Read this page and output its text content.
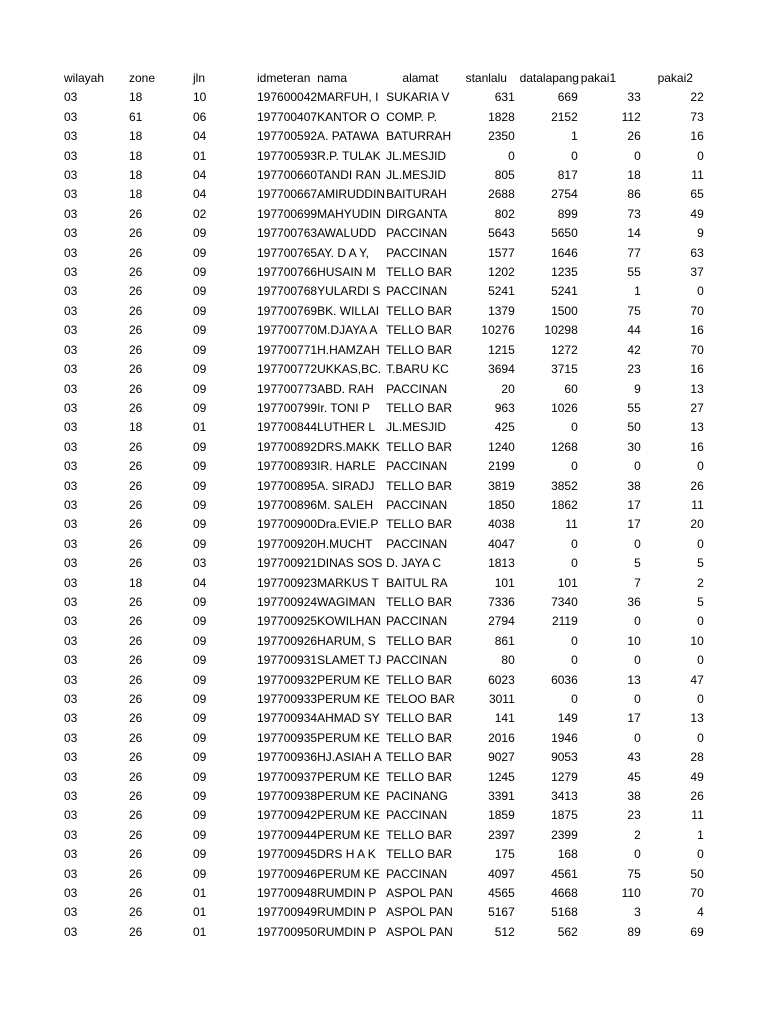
wilayah	zone	jln	idmeteran	nama	alamat	stanlalu	datalapang	pakai1	pakai2
03	18	10	197600042	MARFUH, I	SUKARIA V	631	669	33	22
03	61	06	197700407	KANTOR O	COMP. P.	1828	2152	112	73
03	18	04	197700592	A. PATAWA	BATURRAH	2350	1	26	16
03	18	01	197700593	R.P. TULAK	JL.MESJID	0	0	0	0
03	18	04	197700660	TANDI RAN	JL.MESJID	805	817	18	11
03	18	04	197700667	AMIRUDDIN	BAITURAH	2688	2754	86	65
03	26	02	197700699	MAHYUDIN	DIRGANTA	802	899	73	49
03	26	09	197700763	AWALUDD	PACCINAN	5643	5650	14	9
03	26	09	197700765	AY. D A Y,	PACCINAN	1577	1646	77	63
03	26	09	197700766	HUSAIN M	TELLO BAR	1202	1235	55	37
03	26	09	197700768	YULARDI S	PACCINAN	5241	5241	1	0
03	26	09	197700769	BK. WILLAI	TELLO BAR	1379	1500	75	70
03	26	09	197700770	M.DJAYA A	TELLO BAR	10276	10298	44	16
03	26	09	197700771	H.HAMZAH	TELLO BAR	1215	1272	42	70
03	26	09	197700772	UKKAS,BC.	T.BARU KC	3694	3715	23	16
03	26	09	197700773	ABD. RAH	PACCINAN	20	60	9	13
03	26	09	197700799	Ir. TONI P	TELLO BAR	963	1026	55	27
03	18	01	197700844	LUTHER L	JL.MESJID	425	0	50	13
03	26	09	197700892	DRS.MAKK	TELLO BAR	1240	1268	30	16
03	26	09	197700893	IR. HARLE	PACCINAN	2199	0	0	0
03	26	09	197700895	A. SIRADJ	TELLO BAR	3819	3852	38	26
03	26	09	197700896	M. SALEH	PACCINAN	1850	1862	17	11
03	26	09	197700900	Dra.EVIE.P	TELLO BAR	4038	11	17	20
03	26	09	197700920	H.MUCHT	PACCINAN	4047	0	0	0
03	26	03	197700921	DINAS SOS	D. JAYA C	1813	0	5	5
03	18	04	197700923	MARKUS T	BAITUL RA	101	101	7	2
03	26	09	197700924	WAGIMAN	TELLO BAR	7336	7340	36	5
03	26	09	197700925	KOWILHAN	PACCINAN	2794	2119	0	0
03	26	09	197700926	HARUM, S	TELLO BAR	861	0	10	10
03	26	09	197700931	SLAMET TJ	PACCINAN	80	0	0	0
03	26	09	197700932	PERUM KE	TELLO BAR	6023	6036	13	47
03	26	09	197700933	PERUM KE	TELOO BAR	3011	0	0	0
03	26	09	197700934	AHMAD SY	TELLO BAR	141	149	17	13
03	26	09	197700935	PERUM KE	TELLO BAR	2016	1946	0	0
03	26	09	197700936	HJ.ASIAH A	TELLO BAR	9027	9053	43	28
03	26	09	197700937	PERUM KE	TELLO BAR	1245	1279	45	49
03	26	09	197700938	PERUM KE	PACINANG	3391	3413	38	26
03	26	09	197700942	PERUM KE	PACCINAN	1859	1875	23	11
03	26	09	197700944	PERUM KE	TELLO BAR	2397	2399	2	1
03	26	09	197700945	DRS H A K	TELLO BAR	175	168	0	0
03	26	09	197700946	PERUM KE	PACCINAN	4097	4561	75	50
03	26	01	197700948	RUMDIN P	ASPOL PAN	4565	4668	110	70
03	26	01	197700949	RUMDIN P	ASPOL PAN	5167	5168	3	4
03	26	01	197700950	RUMDIN P	ASPOL PAN	512	562	89	69
